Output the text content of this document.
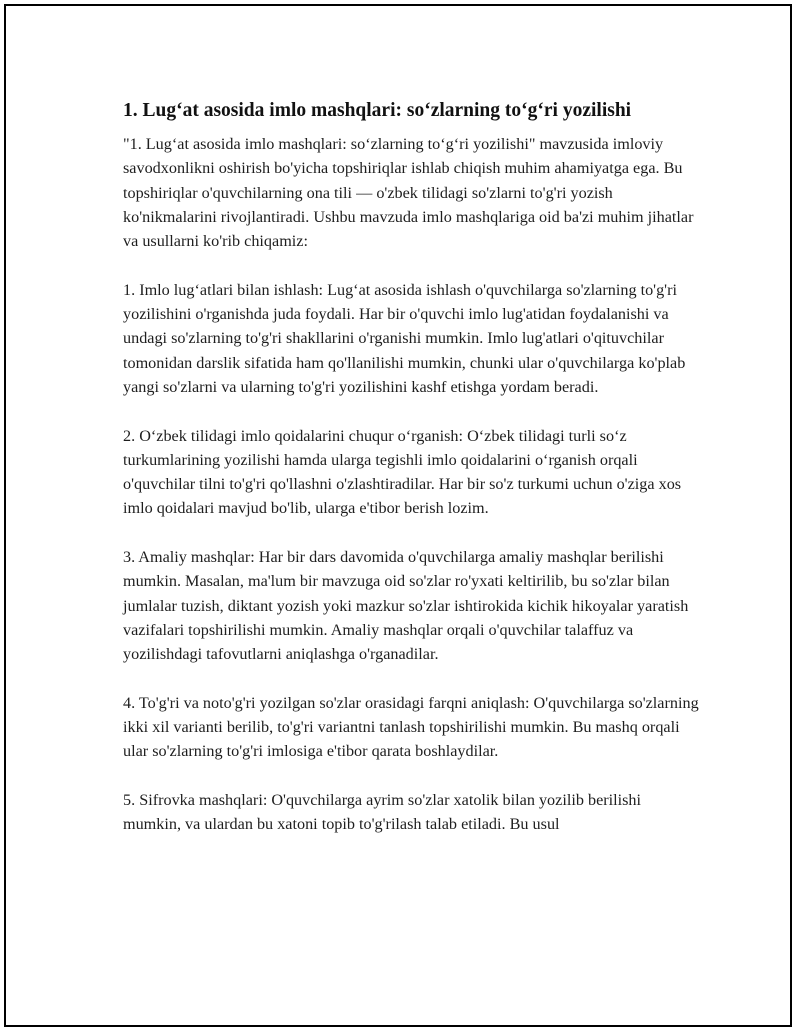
1. Lug‘at asosida imlo mashqlari: so‘zlarning to‘g‘ri yozilishi

"1. Lug‘at asosida imlo mashqlari: so‘zlarning to‘g‘ri yozilishi" mavzusida imloviy savodxonlikni oshirish bo'yicha topshiriqlar ishlab chiqish muhim ahamiyatga ega. Bu topshiriqlar o'quvchilarning ona tili — o'zbek tilidagi so'zlarni to'g'ri yozish ko'nikmalarini rivojlantiradi. Ushbu mavzuda imlo mashqlariga oid ba'zi muhim jihatlar va usullarni ko'rib chiqamiz:

1. Imlo lug‘atlari bilan ishlash: Lug‘at asosida ishlash o'quvchilarga so'zlarning to'g'ri yozilishini o'rganishda juda foydali. Har bir o'quvchi imlo lug'atidan foydalanishi va undagi so'zlarning to'g'ri shakllarini o'rganishi mumkin. Imlo lug'atlari o'qituvchilar tomonidan darslik sifatida ham qo'llanilishi mumkin, chunki ular o'quvchilarga ko'plab yangi so'zlarni va ularning to'g'ri yozilishini kashf etishga yordam beradi.

2. O‘zbek tilidagi imlo qoidalarini chuqur o‘rganish: O‘zbek tilidagi turli so‘z turkumlarining yozilishi hamda ularga tegishli imlo qoidalarini o‘rganish orqali o'quvchilar tilni to'g'ri qo'llashni o'zlashtiradilar. Har bir so'z turkumi uchun o'ziga xos imlo qoidalari mavjud bo'lib, ularga e'tibor berish lozim.

3. Amaliy mashqlar: Har bir dars davomida o'quvchilarga amaliy mashqlar berilishi mumkin. Masalan, ma'lum bir mavzuga oid so'zlar ro'yxati keltirilib, bu so'zlar bilan jumlalar tuzish, diktant yozish yoki mazkur so'zlar ishtirokida kichik hikoyalar yaratish vazifalari topshirilishi mumkin. Amaliy mashqlar orqali o'quvchilar talaffuz va yozilishdagi tafovutlarni aniqlashga o'rganadilar.

4. To'g'ri va noto'g'ri yozilgan so'zlar orasidagi farqni aniqlash: O'quvchilarga so'zlarning ikki xil varianti berilib, to'g'ri variantni tanlash topshirilishi mumkin. Bu mashq orqali ular so'zlarning to'g'ri imlosiga e'tibor qarata boshlaydilar.

5. Sifrovka mashqlari: O'quvchilarga ayrim so'zlar xatolik bilan yozilib berilishi mumkin, va ulardan bu xatoni topib to'g'rilash talab etiladi. Bu usul
